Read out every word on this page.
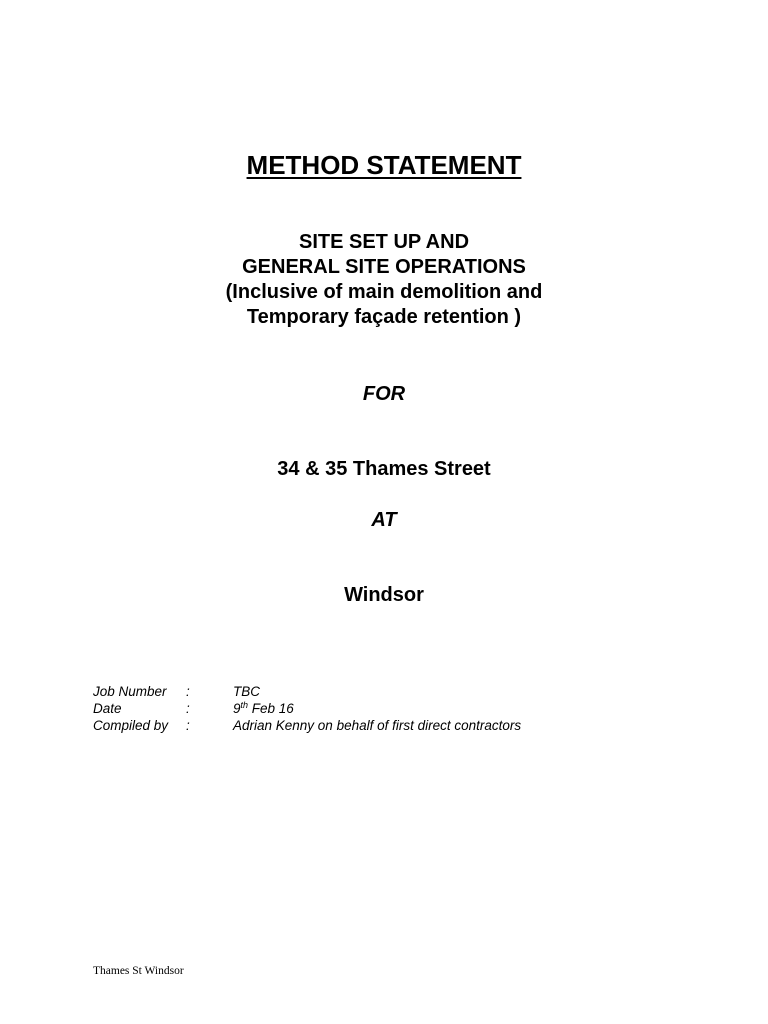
METHOD STATEMENT
SITE SET UP AND
GENERAL SITE OPERATIONS
(Inclusive of main demolition and
Temporary façade retention )
FOR
34 & 35 Thames Street
AT
Windsor
Job Number :	TBC
Date	:	9th Feb 16
Compiled by :	Adrian Kenny on behalf of first direct contractors
Thames St Windsor
